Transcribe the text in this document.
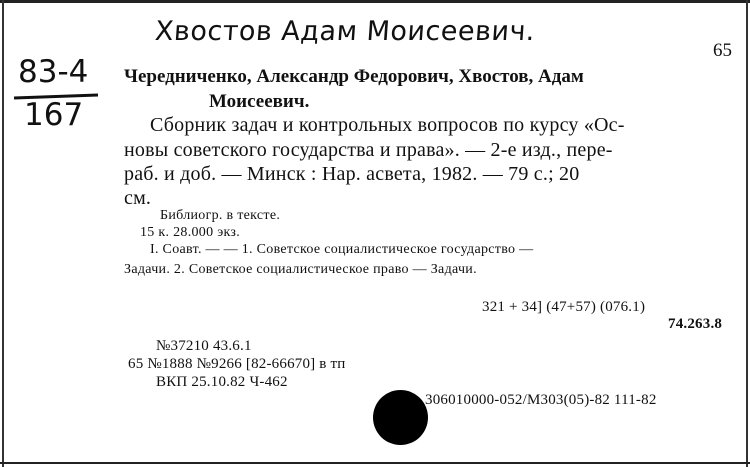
Хвостов Адам Моисеевич.
83-4
167
65
Чередниченко, Александр Федорович, Хвостов, Адам
Моисеевич.
Сборник задач и контрольных вопросов по курсу «Ос-
новы советского государства и права». — 2-е изд., пере-
раб. и доб. — Минск : Нар. асвета, 1982. — 79 с.; 20
см.
Библиогр. в тексте.
15 к. 28.000 экз.
I. Соавт. — — 1. Советское социалистическое государство —
Задачи. 2. Советское социалистическое право — Задачи.
321 + 34] (47+57) (076.1)
74.263.8
№37210 43.6.1
65 №1888 №9266 [82-66670] в тп
ВКП 25.10.82 Ч-462
306010000-052/М303(05)-82 111-82
